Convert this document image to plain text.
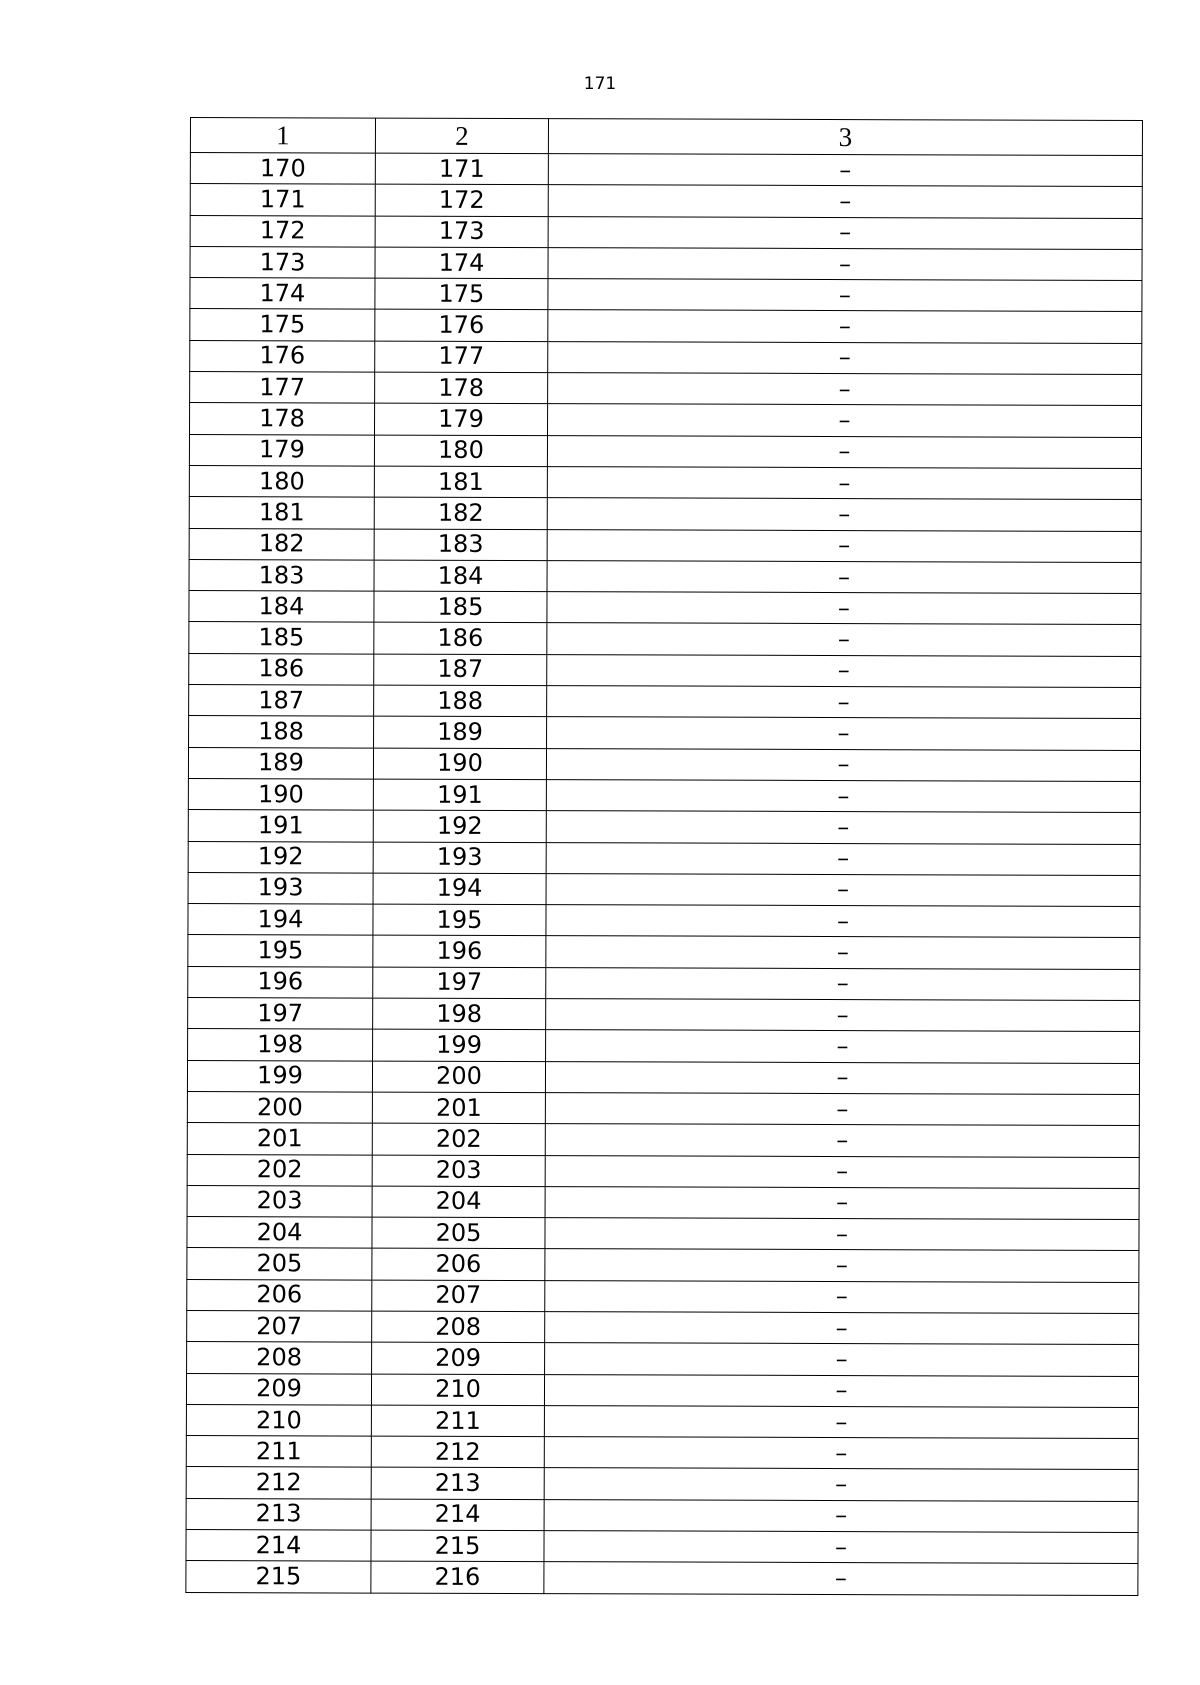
171
1	2	3
170	171	–
171	172	–
172	173	–
173	174	–
174	175	–
175	176	–
176	177	–
177	178	–
178	179	–
179	180	–
180	181	–
181	182	–
182	183	–
183	184	–
184	185	–
185	186	–
186	187	–
187	188	–
188	189	–
189	190	–
190	191	–
191	192	–
192	193	–
193	194	–
194	195	–
195	196	–
196	197	–
197	198	–
198	199	–
199	200	–
200	201	–
201	202	–
202	203	–
203	204	–
204	205	–
205	206	–
206	207	–
207	208	–
208	209	–
209	210	–
210	211	–
211	212	–
212	213	–
213	214	–
214	215	–
215	216	–
